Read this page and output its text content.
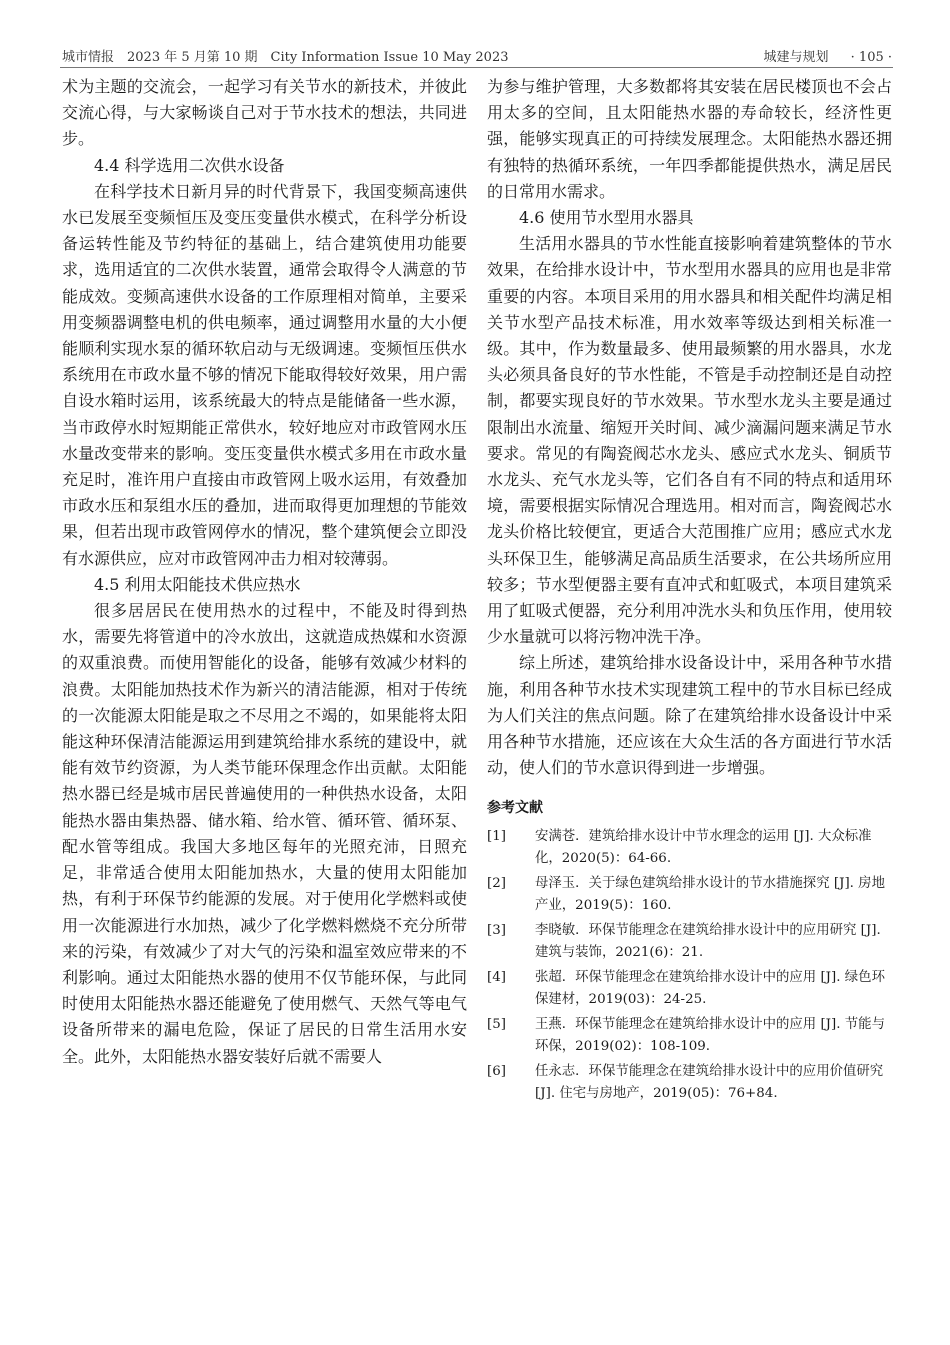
城市情报　2023 年 5 月第 10 期　City Information Issue 10 May 2023	城建与规划 · 105 ·

术为主题的交流会，一起学习有关节水的新技术，并彼此交流心得，与大家畅谈自己对于节水技术的想法，共同进步。

4.4 科学选用二次供水设备

在科学技术日新月异的时代背景下，我国变频高速供水已发展至变频恒压及变压变量供水模式，在科学分析设备运转性能及节约特征的基础上，结合建筑使用功能要求，选用适宜的二次供水装置，通常会取得令人满意的节能成效。变频高速供水设备的工作原理相对简单，主要采用变频器调整电机的供电频率，通过调整用水量的大小便能顺利实现水泵的循环软启动与无级调速。变频恒压供水系统用在市政水量不够的情况下能取得较好效果，用户需自设水箱时运用，该系统最大的特点是能储备一些水源，当市政停水时短期能正常供水，较好地应对市政管网水压水量改变带来的影响。变压变量供水模式多用在市政水量充足时，准许用户直接由市政管网上吸水运用，有效叠加市政水压和泵组水压的叠加，进而取得更加理想的节能效果，但若出现市政管网停水的情况，整个建筑便会立即没有水源供应，应对市政管网冲击力相对较薄弱。

4.5 利用太阳能技术供应热水

很多居居民在使用热水的过程中，不能及时得到热水，需要先将管道中的冷水放出，这就造成热媒和水资源的双重浪费。而使用智能化的设备，能够有效减少材料的浪费。太阳能加热技术作为新兴的清洁能源，相对于传统的一次能源太阳能是取之不尽用之不竭的，如果能将太阳能这种环保清洁能源运用到建筑给排水系统的建设中，就能有效节约资源，为人类节能环保理念作出贡献。太阳能热水器已经是城市居民普遍使用的一种供热水设备，太阳能热水器由集热器、储水箱、给水管、循环管、循环泵、配水管等组成。我国大多地区每年的光照充沛，日照充足，非常适合使用太阳能加热水，大量的使用太阳能加热，有利于环保节约能源的发展。对于使用化学燃料或使用一次能源进行水加热，减少了化学燃料燃烧不充分所带来的污染，有效减少了对大气的污染和温室效应带来的不利影响。通过太阳能热水器的使用不仅节能环保，与此同时使用太阳能热水器还能避免了使用燃气、天然气等电气设备所带来的漏电危险，保证了居民的日常生活用水安全。此外，太阳能热水器安装好后就不需要人

为参与维护管理，大多数都将其安装在居民楼顶也不会占用太多的空间，且太阳能热水器的寿命较长，经济性更强，能够实现真正的可持续发展理念。太阳能热水器还拥有独特的热循环系统，一年四季都能提供热水，满足居民的日常用水需求。

4.6 使用节水型用水器具

生活用水器具的节水性能直接影响着建筑整体的节水效果，在给排水设计中，节水型用水器具的应用也是非常重要的内容。本项目采用的用水器具和相关配件均满足相关节水型产品技术标准，用水效率等级达到相关标准一级。其中，作为数量最多、使用最频繁的用水器具，水龙头必须具备良好的节水性能，不管是手动控制还是自动控制，都要实现良好的节水效果。节水型水龙头主要是通过限制出水流量、缩短开关时间、减少滴漏问题来满足节水要求。常见的有陶瓷阀芯水龙头、感应式水龙头、铜质节水龙头、充气水龙头等，它们各自有不同的特点和适用环境，需要根据实际情况合理选用。相对而言，陶瓷阀芯水龙头价格比较便宜，更适合大范围推广应用；感应式水龙头环保卫生，能够满足高品质生活要求，在公共场所应用较多；节水型便器主要有直冲式和虹吸式，本项目建筑采用了虹吸式便器，充分利用冲洗水头和负压作用，使用较少水量就可以将污物冲洗干净。

综上所述，建筑给排水设备设计中，采用各种节水措施，利用各种节水技术实现建筑工程中的节水目标已经成为人们关注的焦点问题。除了在建筑给排水设备设计中采用各种节水措施，还应该在大众生活的各方面进行节水活动，使人们的节水意识得到进一步增强。

参考文献
[1] 安满苍．建筑给排水设计中节水理念的运用 [J]. 大众标准化，2020(5)：64-66.
[2] 母泽玉．关于绿色建筑给排水设计的节水措施探究 [J]. 房地产业，2019(5)：160.
[3] 李晓敏．环保节能理念在建筑给排水设计中的应用研究 [J]. 建筑与装饰，2021(6)：21.
[4] 张超．环保节能理念在建筑给排水设计中的应用 [J]. 绿色环保建材，2019(03)：24-25.
[5] 王燕．环保节能理念在建筑给排水设计中的应用 [J]. 节能与环保，2019(02)：108-109.
[6] 任永志．环保节能理念在建筑给排水设计中的应用价值研究 [J]. 住宅与房地产，2019(05)：76+84.
